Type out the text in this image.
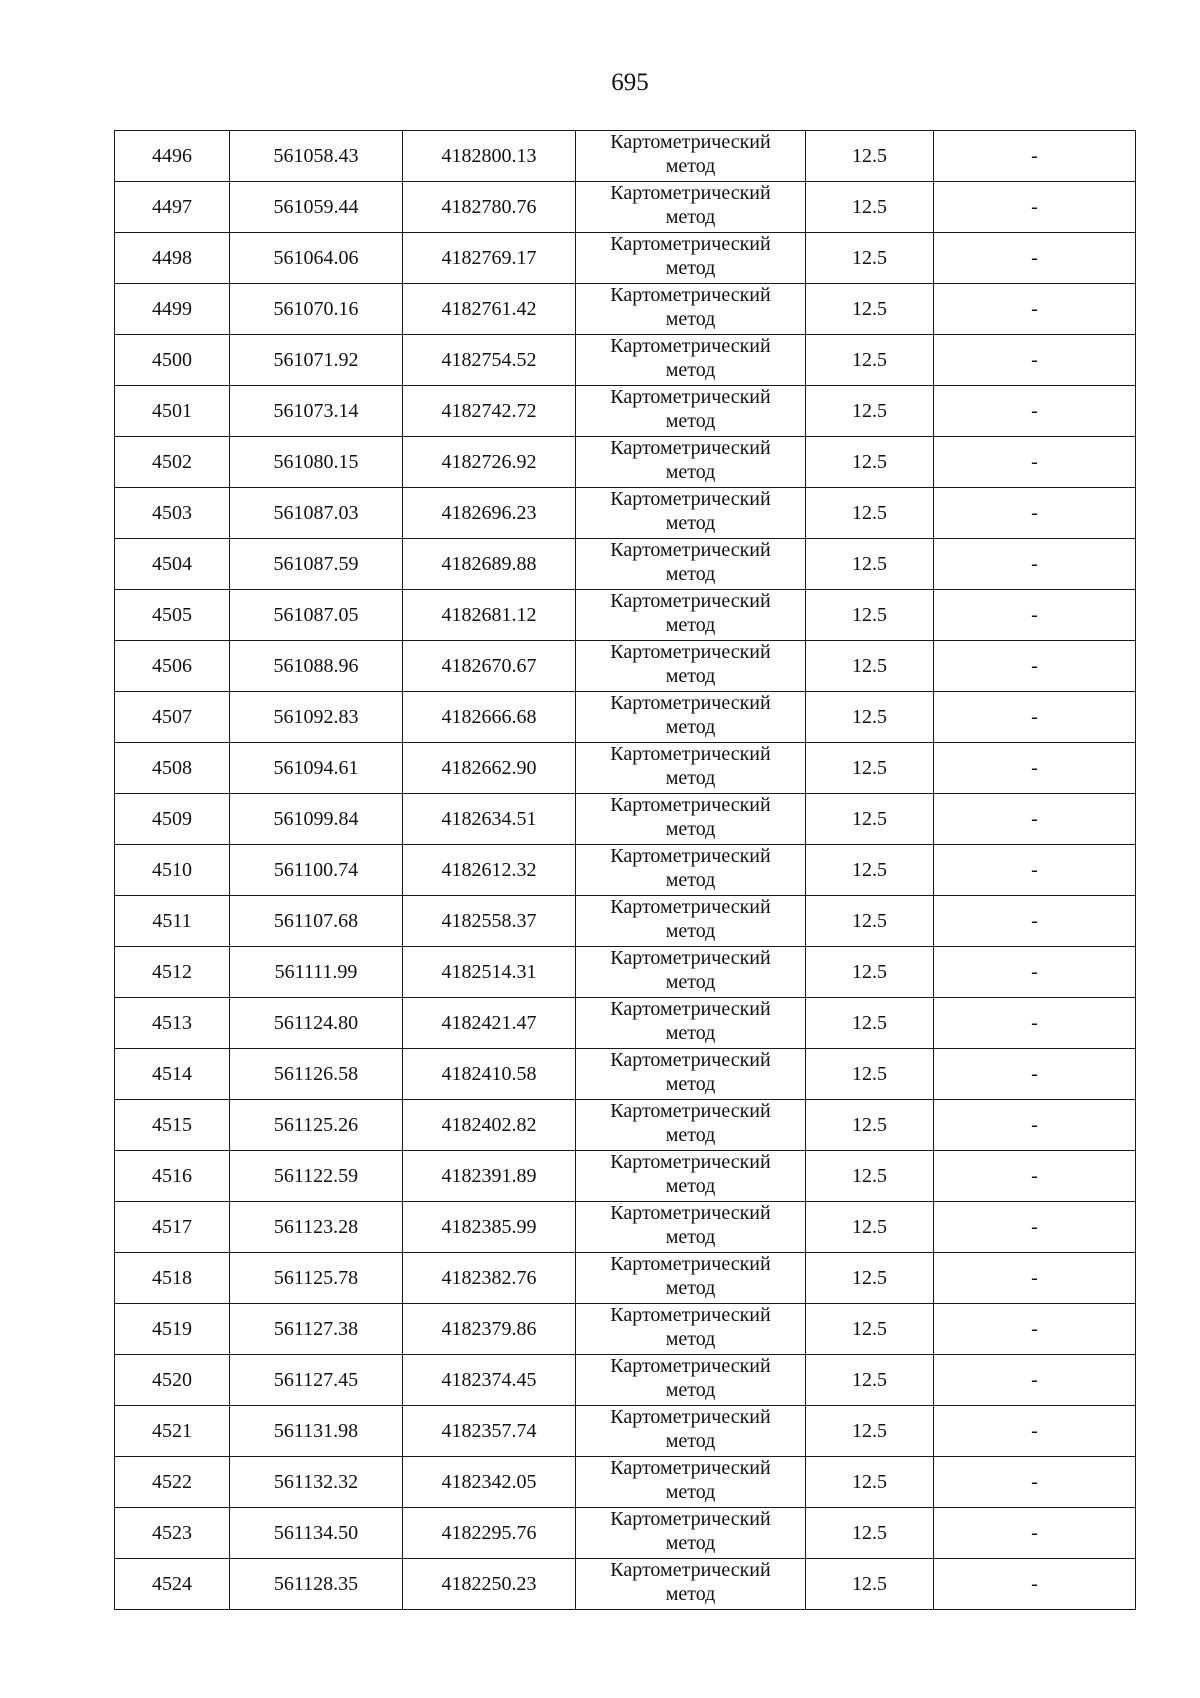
695
4496	561058.43	4182800.13	Картометрический
метод	12.5	-
4497	561059.44	4182780.76	Картометрический
метод	12.5	-
4498	561064.06	4182769.17	Картометрический
метод	12.5	-
4499	561070.16	4182761.42	Картометрический
метод	12.5	-
4500	561071.92	4182754.52	Картометрический
метод	12.5	-
4501	561073.14	4182742.72	Картометрический
метод	12.5	-
4502	561080.15	4182726.92	Картометрический
метод	12.5	-
4503	561087.03	4182696.23	Картометрический
метод	12.5	-
4504	561087.59	4182689.88	Картометрический
метод	12.5	-
4505	561087.05	4182681.12	Картометрический
метод	12.5	-
4506	561088.96	4182670.67	Картометрический
метод	12.5	-
4507	561092.83	4182666.68	Картометрический
метод	12.5	-
4508	561094.61	4182662.90	Картометрический
метод	12.5	-
4509	561099.84	4182634.51	Картометрический
метод	12.5	-
4510	561100.74	4182612.32	Картометрический
метод	12.5	-
4511	561107.68	4182558.37	Картометрический
метод	12.5	-
4512	561111.99	4182514.31	Картометрический
метод	12.5	-
4513	561124.80	4182421.47	Картометрический
метод	12.5	-
4514	561126.58	4182410.58	Картометрический
метод	12.5	-
4515	561125.26	4182402.82	Картометрический
метод	12.5	-
4516	561122.59	4182391.89	Картометрический
метод	12.5	-
4517	561123.28	4182385.99	Картометрический
метод	12.5	-
4518	561125.78	4182382.76	Картометрический
метод	12.5	-
4519	561127.38	4182379.86	Картометрический
метод	12.5	-
4520	561127.45	4182374.45	Картометрический
метод	12.5	-
4521	561131.98	4182357.74	Картометрический
метод	12.5	-
4522	561132.32	4182342.05	Картометрический
метод	12.5	-
4523	561134.50	4182295.76	Картометрический
метод	12.5	-
4524	561128.35	4182250.23	Картометрический
метод	12.5	-
